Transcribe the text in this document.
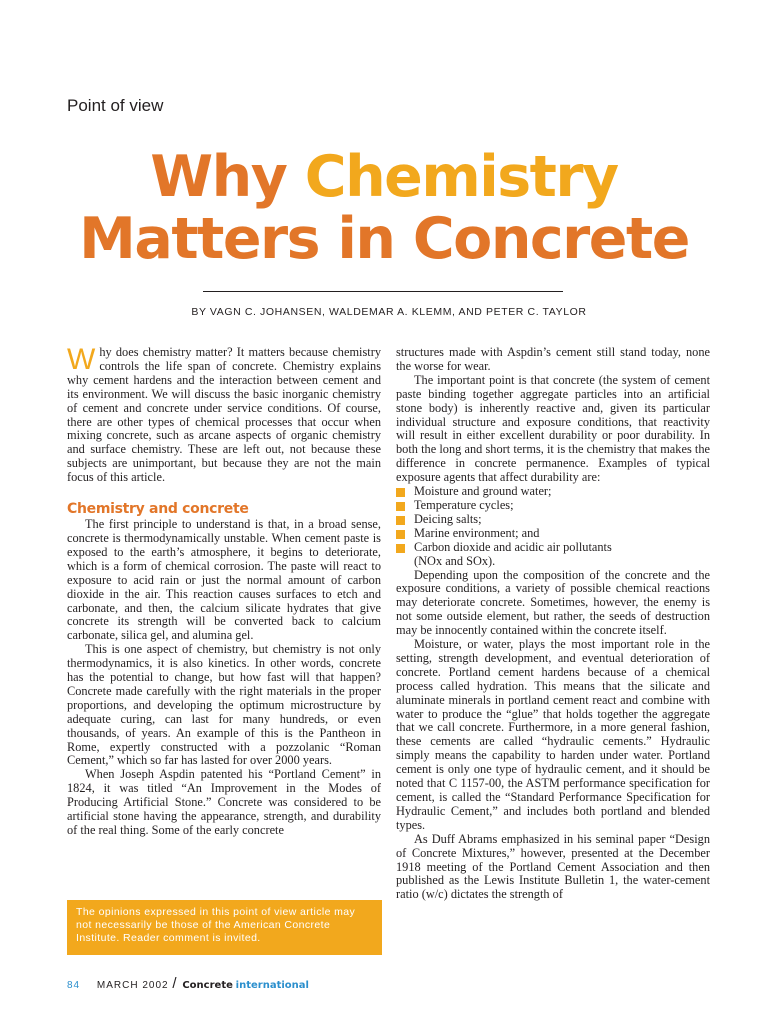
Point of view
Why Chemistry
Matters in Concrete
BY VAGN C. JOHANSEN, WALDEMAR A. KLEMM, AND PETER C. TAYLOR

Why does chemistry matter? It matters because chemistry controls the life span of concrete. Chemistry explains why cement hardens and the interaction between cement and its environment. We will discuss the basic inorganic chemistry of cement and concrete under service conditions. Of course, there are other types of chemical processes that occur when mixing concrete, such as arcane aspects of organic chemistry and surface chemistry. These are left out, not because these subjects are unimportant, but because they are not the main focus of this article.

Chemistry and concrete

The first principle to understand is that, in a broad sense, concrete is thermodynamically unstable. When cement paste is exposed to the earth’s atmosphere, it begins to deteriorate, which is a form of chemical corrosion. The paste will react to exposure to acid rain or just the normal amount of carbon dioxide in the air. This reaction causes surfaces to etch and carbonate, and then, the calcium silicate hydrates that give concrete its strength will be converted back to calcium carbonate, silica gel, and alumina gel.

This is one aspect of chemistry, but chemistry is not only thermodynamics, it is also kinetics. In other words, concrete has the potential to change, but how fast will that happen? Concrete made carefully with the right materials in the proper proportions, and developing the optimum microstructure by adequate curing, can last for many hundreds, or even thousands, of years. An example of this is the Pantheon in Rome, expertly constructed with a pozzolanic “Roman Cement,” which so far has lasted for over 2000 years.

When Joseph Aspdin patented his “Portland Cement” in 1824, it was titled “An Improvement in the Modes of Producing Artificial Stone.” Concrete was considered to be artificial stone having the appearance, strength, and durability of the real thing. Some of the early concrete

structures made with Aspdin’s cement still stand today, none the worse for wear.

The important point is that concrete (the system of cement paste binding together aggregate particles into an artificial stone body) is inherently reactive and, given its particular individual structure and exposure conditions, that reactivity will result in either excellent durability or poor durability. In both the long and short terms, it is the chemistry that makes the difference in concrete permanence. Examples of typical exposure agents that affect durability are:

Moisture and ground water;
Temperature cycles;
Deicing salts;
Marine environment; and
Carbon dioxide and acidic air pollutants

(NOx and SOx).

Depending upon the composition of the concrete and the exposure conditions, a variety of possible chemical reactions may deteriorate concrete. Sometimes, however, the enemy is not some outside element, but rather, the seeds of destruction may be innocently contained within the concrete itself.

Moisture, or water, plays the most important role in the setting, strength development, and eventual deterioration of concrete. Portland cement hardens because of a chemical process called hydration. This means that the silicate and aluminate minerals in portland cement react and combine with water to produce the “glue” that holds together the aggregate that we call concrete. Furthermore, in a more general fashion, these cements are called “hydraulic cements.” Hydraulic simply means the capability to harden under water. Portland cement is only one type of hydraulic cement, and it should be noted that C 1157-00, the ASTM performance specification for cement, is called the “Standard Performance Specification for Hydraulic Cement,” and includes both portland and blended types.

As Duff Abrams emphasized in his seminal paper “Design of Concrete Mixtures,” however, presented at the December 1918 meeting of the Portland Cement Association and then published as the Lewis Institute Bulletin 1, the water-cement ratio (w/c) dictates the strength of

The opinions expressed in this point of view article may not necessarily be those of the American Concrete Institute. Reader comment is invited.
84 MARCH 2002 / Concrete international
